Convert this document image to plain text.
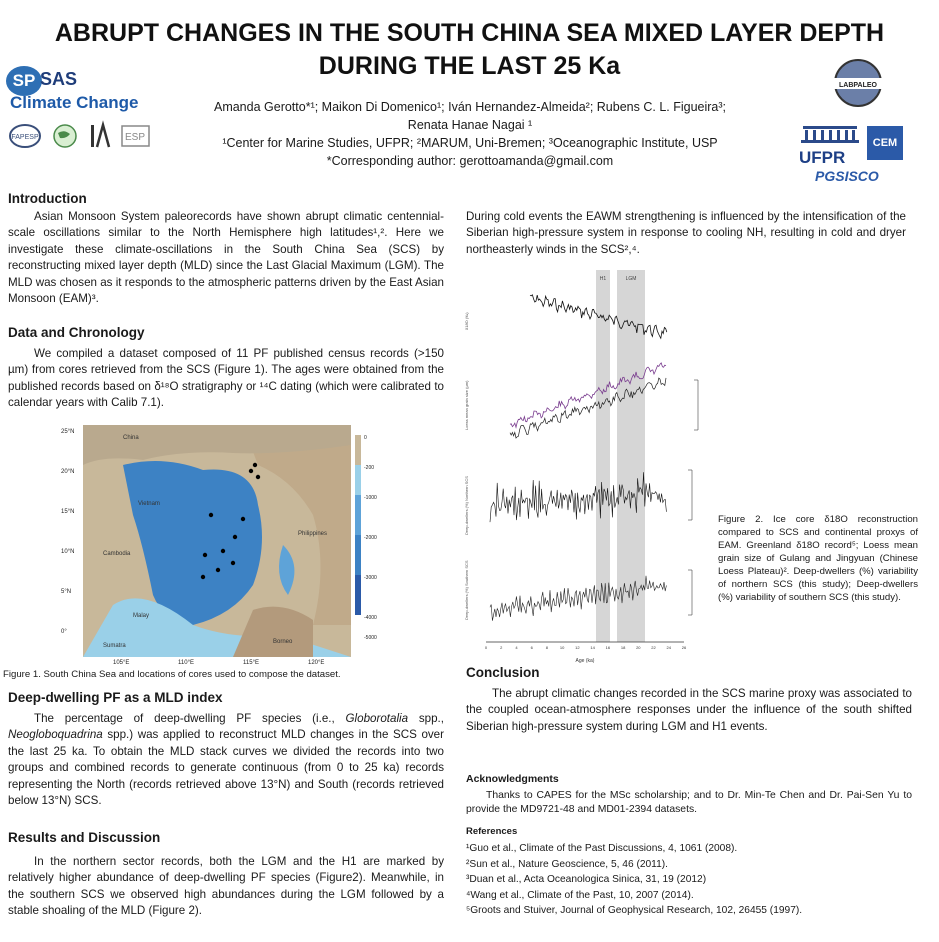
ABRUPT CHANGES IN THE SOUTH CHINA SEA MIXED LAYER DEPTH
DURING THE LAST 25 Ka
SP SAS
Climate Change
FAPESP
	ESP
Amanda Gerotto*¹; Maikon Di Domenico¹; Iván Hernandez-Almeida²; Rubens C. L. Figueira³;
Renata Hanae Nagai ¹
¹Center for Marine Studies, UFPR; ²MARUM, Uni-Bremen; ³Oceanographic Institute, USP
*Corresponding author: gerottoamanda@gmail.com
LABPALEO
UFPR
CEM
PGSISCO
Introduction
Asian Monsoon System paleorecords have shown abrupt climatic centennial-scale oscillations similar to the North Hemisphere high latitudes¹,². Here we investigate these climate-oscillations in the South China Sea (SCS) by reconstructing mixed layer depth (MLD) since the Last Glacial Maximum (LGM). The MLD was chosen as it responds to the atmospheric patterns driven by the East Asian Monsoon (EAM)³.
Data and Chronology
We compiled a dataset composed of 11 PF published census records (>150 µm) from cores retrieved from the SCS (Figure 1). The ages were obtained from the published records based on δ¹⁸O stratigraphy or ¹⁴C dating (which were calibrated to calendar years with Calib 7.1).
25°N
20°N
15°N
10°N
5°N
0°
Vietnam
Philippines
Borneo
Malay
Sumatra
Cambodia
China	0
-200
-1000
-2000
-3000
-4000
-5000
105°E	110°E	115°E	120°E
Figure 1. South China Sea and locations of cores used to compose the dataset.
Deep-dwelling PF as a MLD index
The percentage of deep-dwelling PF species (i.e., Globorotalia spp., Neogloboquadrina spp.) was applied to reconstruct MLD changes in the SCS over the last 25 ka. To obtain the MLD stack curves we divided the records into two groups and combined records to generate continuous (from 0 to 25 ka) records representing the North (records retrieved above 13°N) and South (records retrieved below 13°N) SCS.
Results and Discussion
In the northern sector records, both the LGM and the H1 are marked by relatively higher abundance of deep-dwelling PF species (Figure2). Meanwhile, in the southern SCS we observed high abundances during the LGM followed by a stable shoaling of the MLD (Figure 2).
During cold events the EAWM strengthening is influenced by the intensification of the Siberian high-pressure system in response to cooling NH, resulting in cold and dryer northeasterly winds in the SCS²,⁴.
H1	LGM
δ18O (‰)
Loess mean grain size (µm)
Deep-dwellers (%) Northern SCS
Deep-dwellers (%) Southern SCS
0	2	4	6	8	10	12	14	16	18	20	22	24	26
Age (ka)
Figure 2. Ice core δ18O reconstruction compared to SCS and continental proxys of EAM. Greenland δ18O record⁵; Loess mean grain size of Gulang and Jingyuan (Chinese Loess Plateau)². Deep-dwellers (%) variability of northern SCS (this study); Deep-dwellers (%) variability of southern SCS (this study).
Conclusion
The abrupt climatic changes recorded in the SCS marine proxy was associated to the coupled ocean-atmosphere responses under the influence of the south shifted Siberian high-pressure system during LGM and H1 events.
Acknowledgments
Thanks to CAPES for the MSc scholarship; and to Dr. Min-Te Chen and Dr. Pai-Sen Yu to provide the MD9721-48 and MD01-2394 datasets.
References
¹Guo et al., Climate of the Past Discussions, 4, 1061 (2008).
²Sun et al., Nature Geoscience, 5, 46 (2011).
³Duan et al., Acta Oceanologica Sinica, 31, 19 (2012)
⁴Wang et al., Climate of the Past, 10, 2007 (2014).
⁵Groots and Stuiver, Journal of Geophysical Research, 102, 26455 (1997).
